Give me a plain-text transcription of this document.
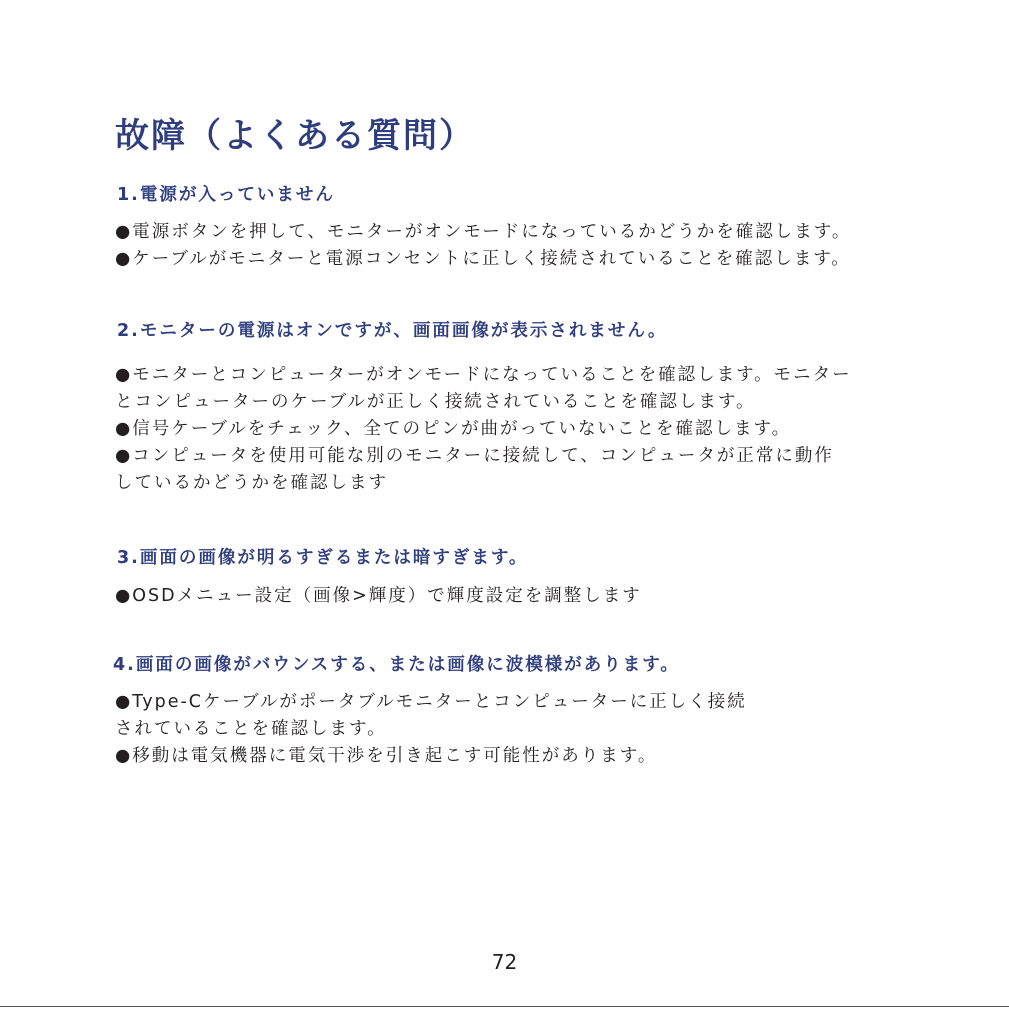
故障（よくある質問）
1.電源が入っていません

●電源ボタンを押して、モニターがオンモードになっているかどうかを確認します。

●ケーブルがモニターと電源コンセントに正しく接続されていることを確認します。

2.モニターの電源はオンですが、画面画像が表示されません。

●モニターとコンピューターがオンモードになっていることを確認します。モニター
とコンピューターのケーブルが正しく接続されていることを確認します。

●信号ケーブルをチェック、全てのピンが曲がっていないことを確認します。

●コンピュータを使用可能な別のモニターに接続して、コンピュータが正常に動作
しているかどうかを確認します

3.画面の画像が明るすぎるまたは暗すぎます。

●OSDメニュー設定（画像>輝度）で輝度設定を調整します

4.画面の画像がバウンスする、または画像に波模様があります。

●Type-Cケーブルがポータブルモニターとコンピューターに正しく接続
されていることを確認します。

●移動は電気機器に電気干渉を引き起こす可能性があります。

72
